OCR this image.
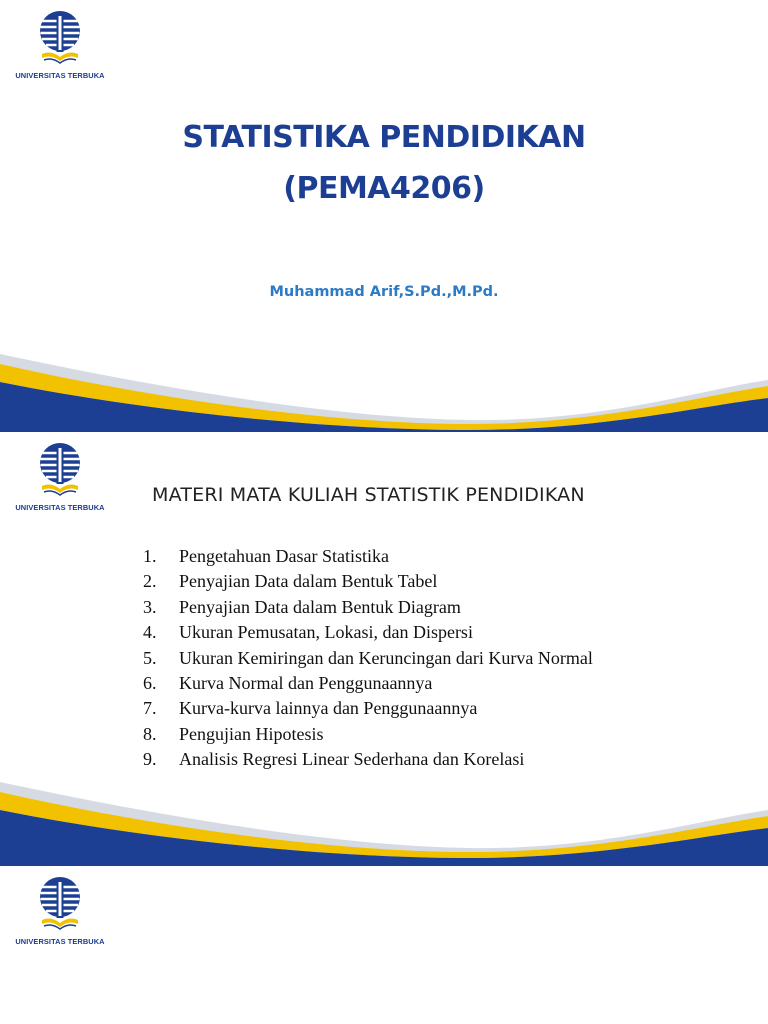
UNIVERSITAS TERBUKA
STATISTIKA PENDIDIKAN
(PEMA4206)
Muhammad Arif,S.Pd.,M.Pd.
UNIVERSITAS TERBUKA
MATERI MATA KULIAH STATISTIK PENDIDIKAN
1. Pengetahuan Dasar Statistika
2. Penyajian Data dalam Bentuk Tabel
3. Penyajian Data dalam Bentuk Diagram
4. Ukuran Pemusatan, Lokasi, dan Dispersi
5. Ukuran Kemiringan dan Keruncingan dari Kurva Normal
6. Kurva Normal dan Penggunaannya
7. Kurva-kurva lainnya dan Penggunaannya
8. Pengujian Hipotesis
9. Analisis Regresi Linear Sederhana dan Korelasi
UNIVERSITAS TERBUKA
